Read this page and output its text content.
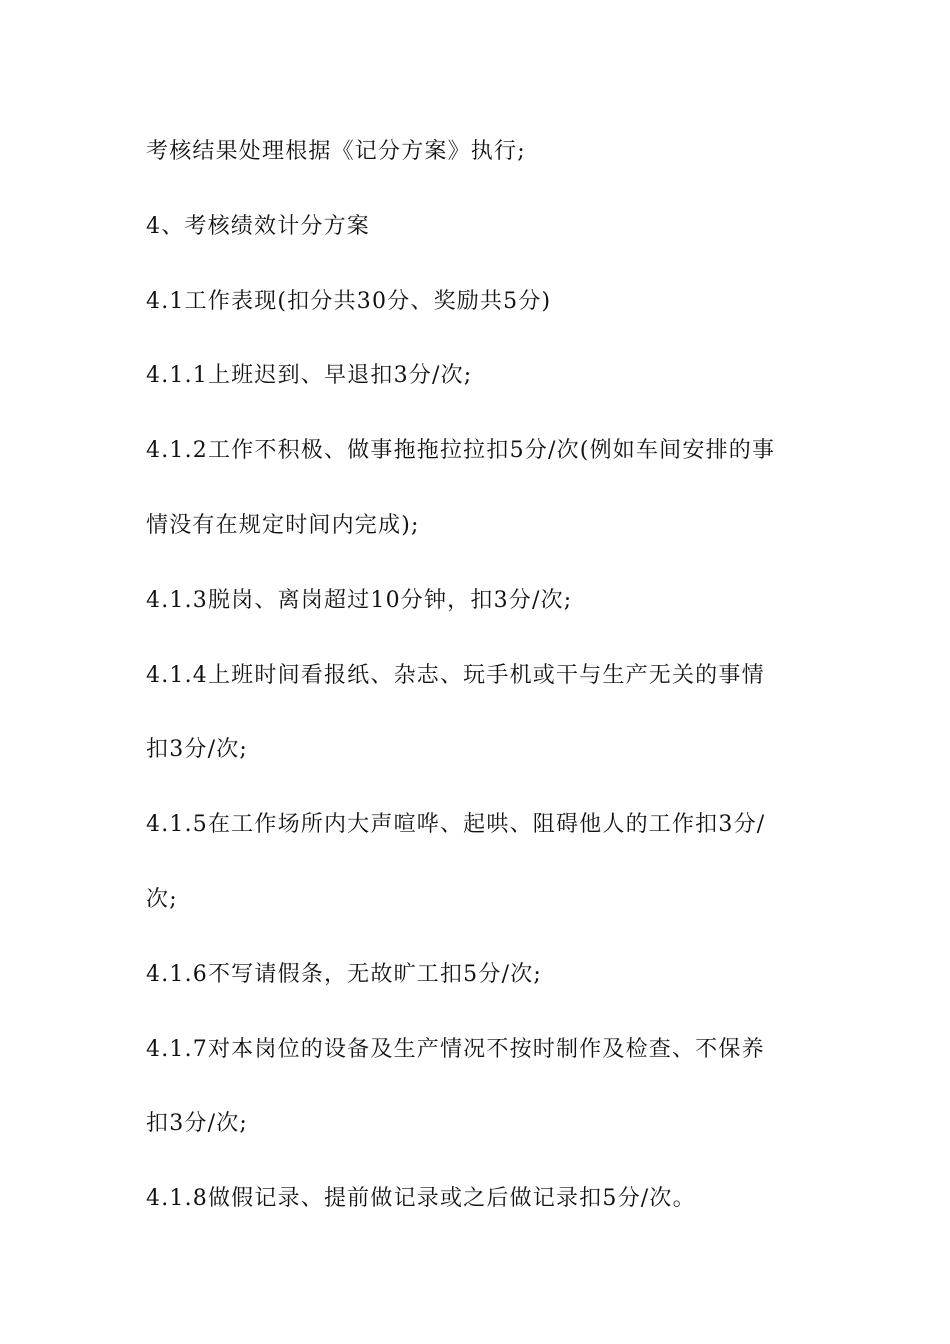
考核结果处理根据《记分方案》执行;
4、考核绩效计分方案
4.1工作表现(扣分共30分、奖励共5分)
4.1.1上班迟到、早退扣3分/次;
4.1.2工作不积极、做事拖拖拉拉扣5分/次(例如车间安排的事
情没有在规定时间内完成);
4.1.3脱岗、离岗超过10分钟，扣3分/次;
4.1.4上班时间看报纸、杂志、玩手机或干与生产无关的事情
扣3分/次;
4.1.5在工作场所内大声喧哗、起哄、阻碍他人的工作扣3分/
次;
4.1.6不写请假条，无故旷工扣5分/次;
4.1.7对本岗位的设备及生产情况不按时制作及检查、不保养
扣3分/次;
4.1.8做假记录、提前做记录或之后做记录扣5分/次。
